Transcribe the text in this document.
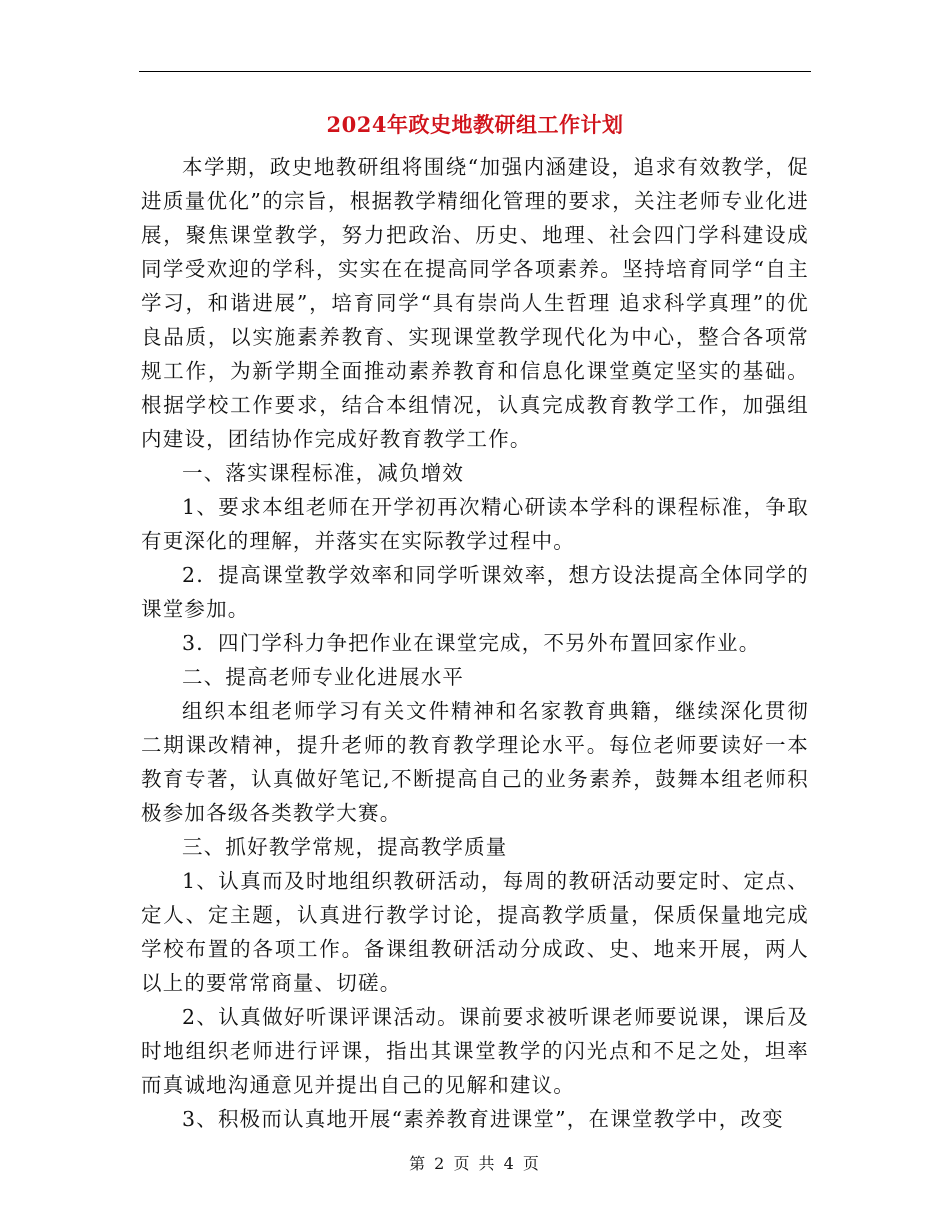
2024年政史地教研组工作计划

本学期，政史地教研组将围绕“加强内涵建设，追求有效教学，促进质量优化”的宗旨，根据教学精细化管理的要求，关注老师专业化进展，聚焦课堂教学，努力把政治、历史、地理、社会四门学科建设成同学受欢迎的学科，实实在在提高同学各项素养。坚持培育同学“自主学习，和谐进展”，培育同学“具有崇尚人生哲理 追求科学真理”的优良品质，以实施素养教育、实现课堂教学现代化为中心，整合各项常规工作，为新学期全面推动素养教育和信息化课堂奠定坚实的基础。根据学校工作要求，结合本组情况，认真完成教育教学工作，加强组内建设，团结协作完成好教育教学工作。

一、落实课程标准，减负增效

1、要求本组老师在开学初再次精心研读本学科的课程标准，争取有更深化的理解，并落实在实际教学过程中。

2．提高课堂教学效率和同学听课效率，想方设法提高全体同学的课堂参加。

3．四门学科力争把作业在课堂完成，不另外布置回家作业。

二、提高老师专业化进展水平

组织本组老师学习有关文件精神和名家教育典籍，继续深化贯彻二期课改精神，提升老师的教育教学理论水平。每位老师要读好一本教育专著，认真做好笔记,不断提高自己的业务素养，鼓舞本组老师积极参加各级各类教学大赛。

三、抓好教学常规，提高教学质量

1、认真而及时地组织教研活动，每周的教研活动要定时、定点、定人、定主题，认真进行教学讨论，提高教学质量，保质保量地完成学校布置的各项工作。备课组教研活动分成政、史、地来开展，两人以上的要常常商量、切磋。

2、认真做好听课评课活动。课前要求被听课老师要说课，课后及时地组织老师进行评课，指出其课堂教学的闪光点和不足之处，坦率而真诚地沟通意见并提出自己的见解和建议。

3、积极而认真地开展“素养教育进课堂”，在课堂教学中，改变

第 2 页 共 4 页
